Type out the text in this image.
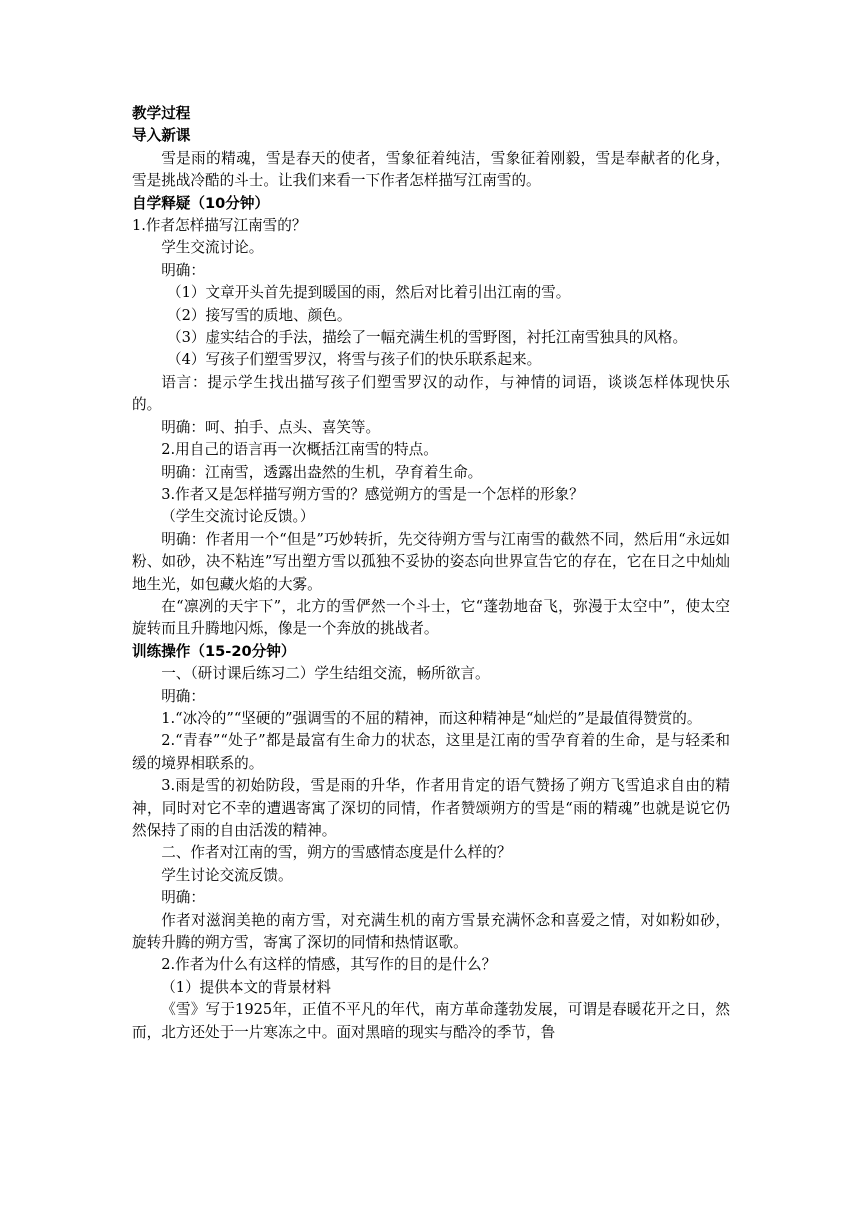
教学过程

导入新课

雪是雨的精魂，雪是春天的使者，雪象征着纯洁，雪象征着刚毅，雪是奉献者的化身，雪是挑战冷酷的斗士。让我们来看一下作者怎样描写江南雪的。

自学释疑（10分钟）

1.作者怎样描写江南雪的？

学生交流讨论。

明确：

（1）文章开头首先提到暖国的雨，然后对比着引出江南的雪。

（2）接写雪的质地、颜色。

（3）虚实结合的手法，描绘了一幅充满生机的雪野图，衬托江南雪独具的风格。

（4）写孩子们塑雪罗汉，将雪与孩子们的快乐联系起来。

语言：提示学生找出描写孩子们塑雪罗汉的动作，与神情的词语，谈谈怎样体现快乐的。

明确：呵、拍手、点头、喜笑等。

2.用自己的语言再一次概括江南雪的特点。

明确：江南雪，透露出盎然的生机，孕育着生命。

3.作者又是怎样描写朔方雪的？感觉朔方的雪是一个怎样的形象？

（学生交流讨论反馈。）

明确：作者用一个“但是”巧妙转折，先交待朔方雪与江南雪的截然不同，然后用“永远如粉、如砂，决不粘连”写出塑方雪以孤独不妥协的姿态向世界宣告它的存在，它在日之中灿灿地生光，如包藏火焰的大雾。

在“凛冽的天宇下”，北方的雪俨然一个斗士，它“蓬勃地奋飞，弥漫于太空中”，使太空旋转而且升腾地闪烁，像是一个奔放的挑战者。

训练操作（15-20分钟）

一、（研讨课后练习二）学生结组交流，畅所欲言。

明确：

1.“冰冷的”“坚硬的”强调雪的不屈的精神，而这种精神是“灿烂的”是最值得赞赏的。

2.“青春”“处子”都是最富有生命力的状态，这里是江南的雪孕育着的生命，是与轻柔和缓的境界相联系的。

3.雨是雪的初始防段，雪是雨的升华，作者用肯定的语气赞扬了朔方飞雪追求自由的精神，同时对它不幸的遭遇寄寓了深切的同情，作者赞颂朔方的雪是“雨的精魂”也就是说它仍然保持了雨的自由活泼的精神。

二、作者对江南的雪，朔方的雪感情态度是什么样的？

学生讨论交流反馈。

明确：

作者对滋润美艳的南方雪，对充满生机的南方雪景充满怀念和喜爱之情，对如粉如砂，旋转升腾的朔方雪，寄寓了深切的同情和热情讴歌。

2.作者为什么有这样的情感，其写作的目的是什么？

（1）提供本文的背景材料

《雪》写于1925年，正值不平凡的年代，南方革命蓬勃发展，可谓是春暖花开之日，然而，北方还处于一片寒冻之中。面对黑暗的现实与酷冷的季节，鲁
